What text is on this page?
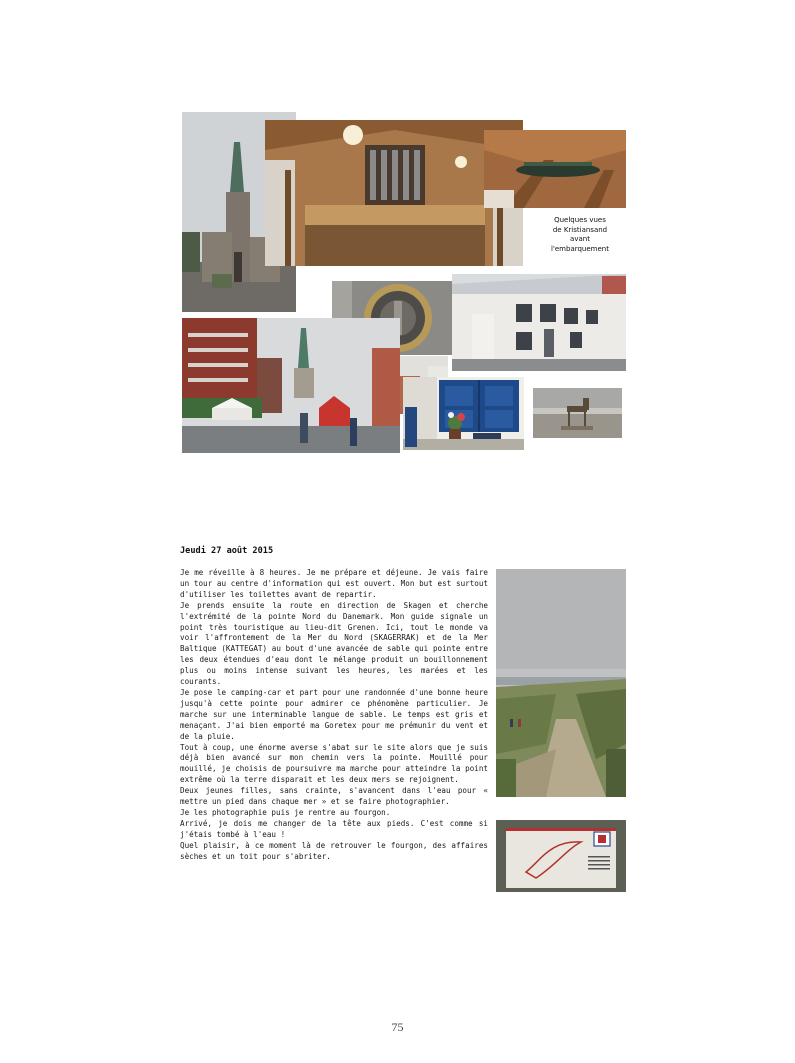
Quelques vues
de Kristiansand
avant
l'embarquement
Jeudi 27 août 2015

Je me réveille à 8 heures. Je me prépare et déjeune. Je vais faire un tour au centre d'information qui est ouvert. Mon but est surtout d'utiliser les toilettes avant de repartir.

Je prends ensuite la route en direction de Skagen et cherche l'extrémité de la pointe Nord du Danemark. Mon guide signale un point très touristique au lieu-dit Grenen. Ici, tout le monde va voir l'affrontement de la Mer du Nord (SKAGERRAK) et de la Mer Baltique (KATTEGAT) au bout d'une avancée de sable qui pointe entre les deux étendues d'eau dont le mélange produit un bouillonnement plus ou moins intense suivant les heures, les marées et les courants.

Je pose le camping-car et part pour une randonnée d'une bonne heure jusqu'à cette pointe pour admirer ce phénomène particulier. Je marche sur une interminable langue de sable. Le temps est gris et menaçant. J'ai bien emporté ma Goretex pour me prémunir du vent et de la pluie.

Tout à coup, une énorme averse s'abat sur le site alors que je suis déjà bien avancé sur mon chemin vers la pointe. Mouillé pour mouillé, je choisis de poursuivre ma marche pour atteindre la point extrême où la terre disparait et les deux mers se rejoignent.

Deux jeunes filles, sans crainte, s'avancent dans l'eau pour « mettre un pied dans chaque mer » et se faire photographier.

Je les photographie puis je rentre au fourgon.

Arrivé, je dois me changer de la tête aux pieds. C'est comme si j'étais tombé à l'eau !

Quel plaisir, à ce moment là de retrouver le fourgon, des affaires sèches et un toit pour s'abriter.

75
